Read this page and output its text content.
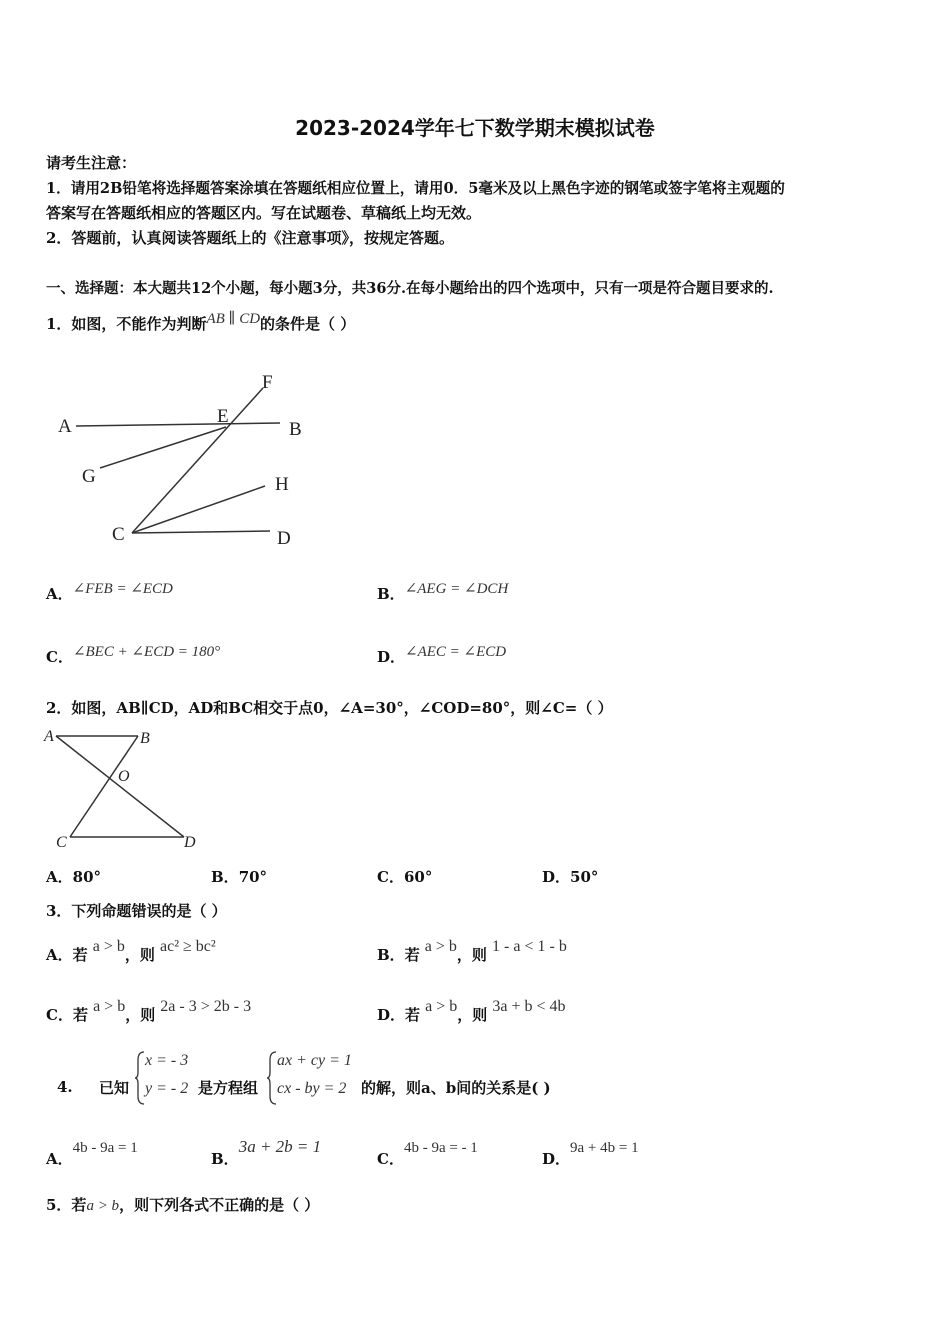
2023-2024学年七下数学期末模拟试卷
请考生注意：
1．请用2B铅笔将选择题答案涂填在答题纸相应位置上，请用0．5毫米及以上黑色字迹的钢笔或签字笔将主观题的
答案写在答题纸相应的答题区内。写在试题卷、草稿纸上均无效。
2．答题前，认真阅读答题纸上的《注意事项》，按规定答题。
一、选择题：本大题共12个小题，每小题3分，共36分.在每小题给出的四个选项中，只有一项是符合题目要求的.
1．如图，不能作为判断AB ∥ CD的条件是（ ）
A	B
E
F
G	H
C	D
A．∠FEB = ∠ECD	B．∠AEG = ∠DCH
C．∠BEC + ∠ECD = 180°	D．∠AEC = ∠ECD
2．如图，AB∥CD，AD和BC相交于点0，∠A=30°，∠COD=80°，则∠C=（ ）
A	B
O
C	D
A．80°	B．70°	C．60°	D．50°
3．下列命题错误的是（ ）
A．若 a > b，则 ac² ≥ bc²	B．若 a > b，则 1 - a < 1 - b
C．若 a > b，则 2a - 3 > 2b - 3	D．若 a > b，则 3a + b < 4b
4. 已知
x = - 3
y = - 2 是方程组
ax + cy = 1
cx - by = 2 的解，则a、b间的关系是( )
A．4b - 9a = 1
B．3a + 2b = 1
C．4b - 9a = - 1
D．9a + 4b = 1
5．若a > b，则下列各式不正确的是（ ）
